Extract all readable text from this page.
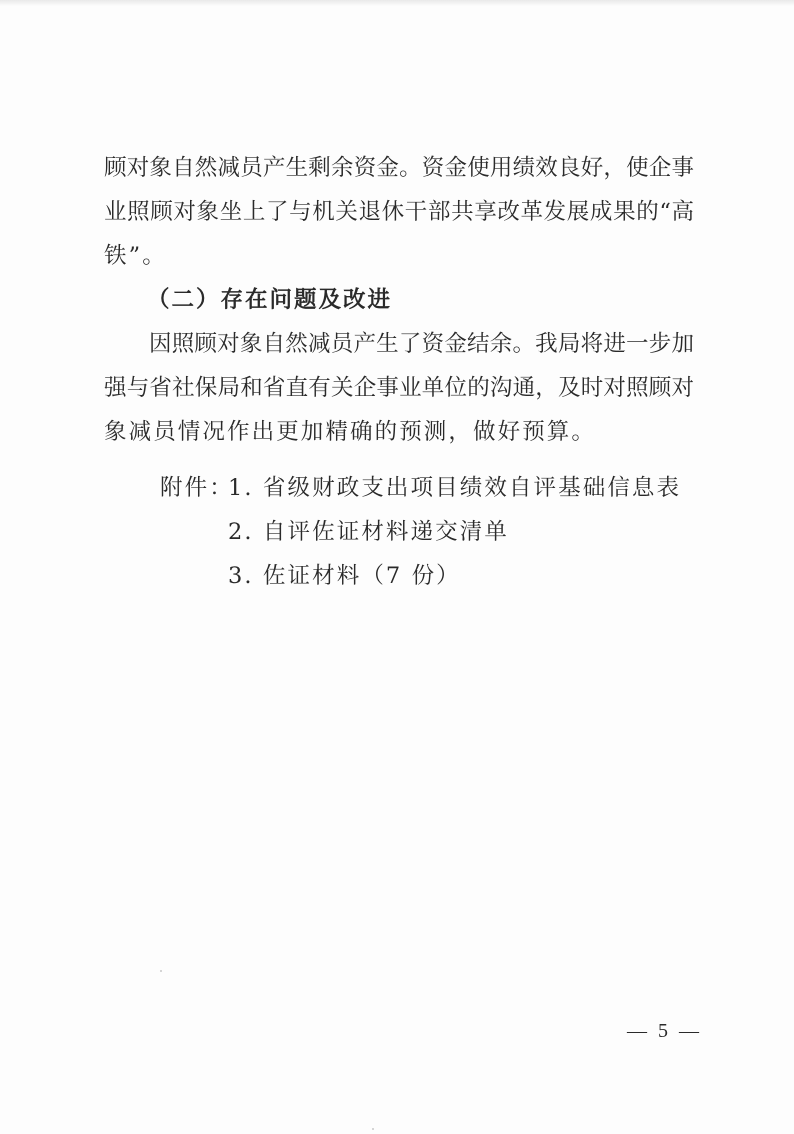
顾对象自然减员产生剩余资金。资金使用绩效良好，使企事
业照顾对象坐上了与机关退休干部共享改革发展成果的“高
铁”。
（二）存在问题及改进
因照顾对象自然减员产生了资金结余。我局将进一步加
强与省社保局和省直有关企事业单位的沟通，及时对照顾对
象减员情况作出更加精确的预测，做好预算。
附件：
1. 省级财政支出项目绩效自评基础信息表
2. 自评佐证材料递交清单
3. 佐证材料（7 份）
— 5 —
